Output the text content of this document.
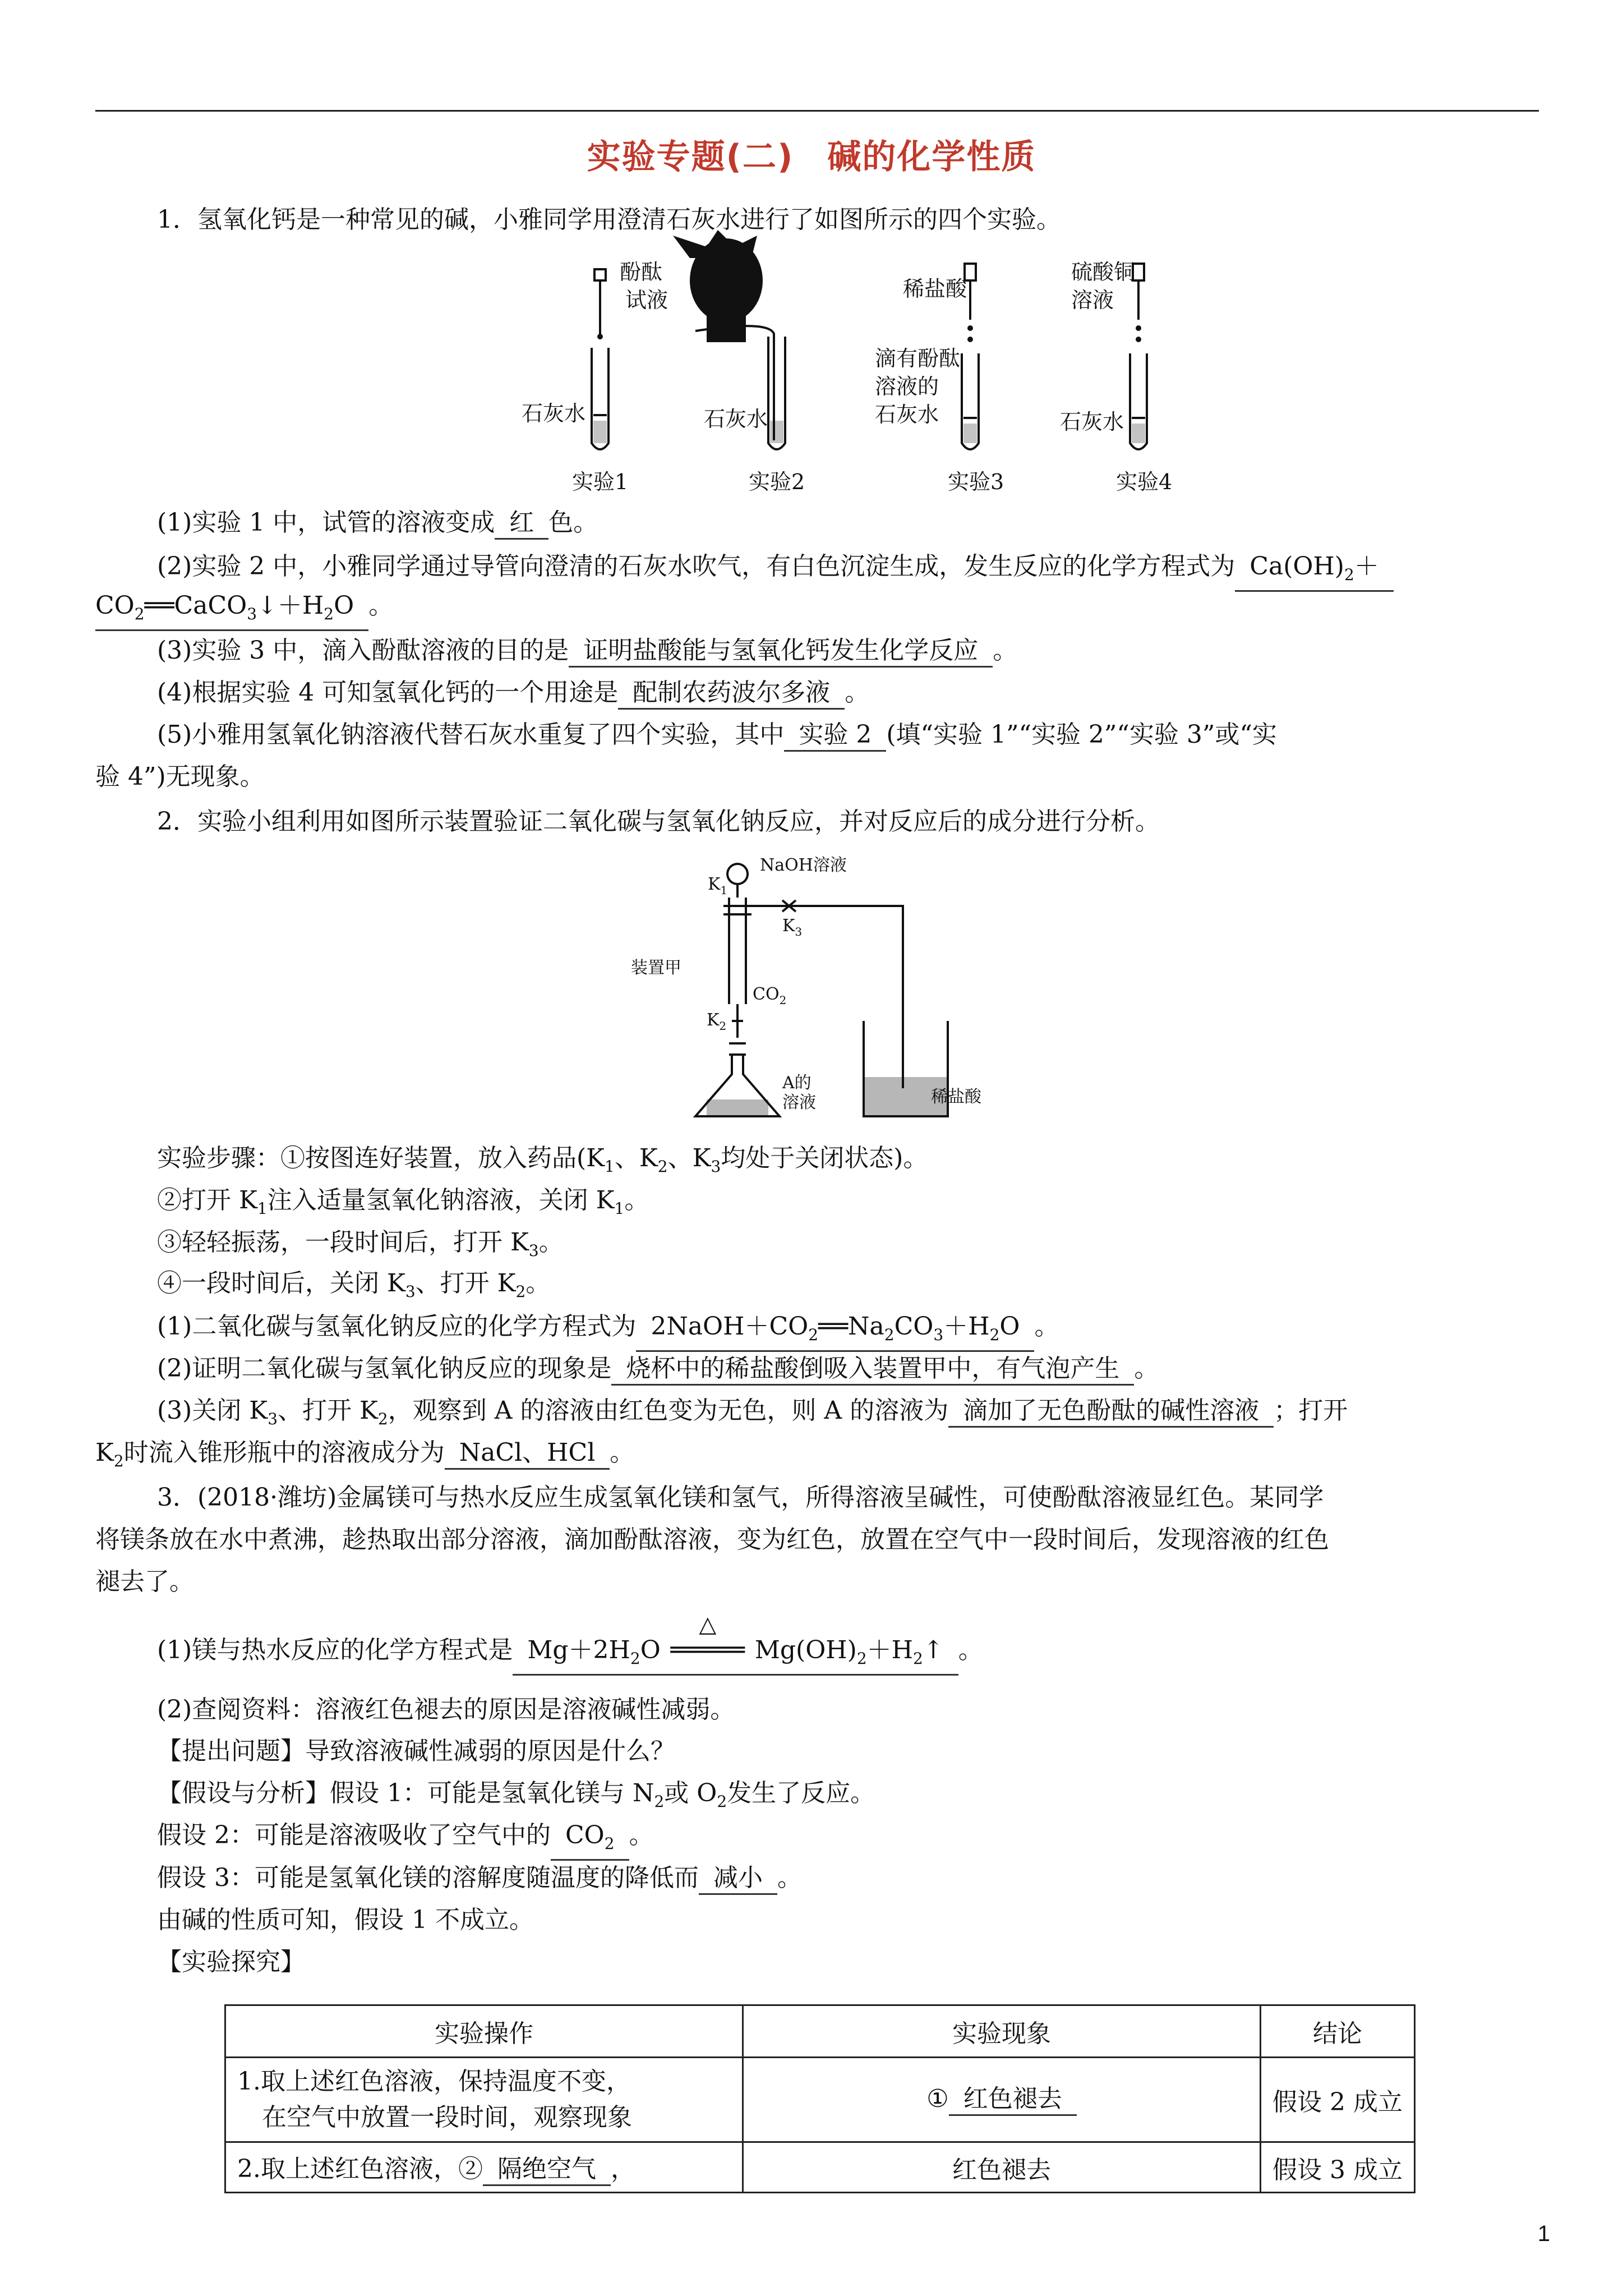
实验专题(二) 碱的化学性质
1．氢氧化钙是一种常见的碱，小雅同学用澄清石灰水进行了如图所示的四个实验。
酚酞
试液
石灰水
实验1
石灰水
实验2
稀盐酸
滴有酚酞
溶液的
石灰水
实验3
硫酸铜
溶液
石灰水
实验4
(1)实验 1 中，试管的溶液变成 红 色。
(2)实验 2 中，小雅同学通过导管向澄清的石灰水吹气，有白色沉淀生成，发生反应的化学方程式为 $Ca(OH)_2+$
$CO_2══CaCO_3↓+H_2O$ 。
(3)实验 3 中，滴入酚酞溶液的目的是 证明盐酸能与氢氧化钙发生化学反应 。
(4)根据实验 4 可知氢氧化钙的一个用途是 配制农药波尔多液 。
(5)小雅用氢氧化钠溶液代替石灰水重复了四个实验，其中 实验 2 (填“实验 1”“实验 2”“实验 3”或“实
验 4”)无现象。
2．实验小组利用如图所示装置验证二氧化碳与氢氧化钠反应，并对反应后的成分进行分析。
NaOH溶液
$K_1$
$K_3$
装置甲
$CO_2$
$K_2$
A的
溶液	稀盐酸
实验步骤：①按图连好装置，放入药品($K_1$、$K_2$、$K_3$均处于关闭状态)。
②打开 $K_1$注入适量氢氧化钠溶液，关闭 $K_1$。
③轻轻振荡，一段时间后，打开 $K_3$。
④一段时间后，关闭 $K_3$、打开 $K_2$。
(1)二氧化碳与氢氧化钠反应的化学方程式为 $2NaOH+CO_2══Na_2CO_3+H_2O$ 。
(2)证明二氧化碳与氢氧化钠反应的现象是 烧杯中的稀盐酸倒吸入装置甲中，有气泡产生 。
(3)关闭 $K_3$、打开 $K_2$，观察到 A 的溶液由红色变为无色，则 A 的溶液为 滴加了无色酚酞的碱性溶液 ；打开
$K_2$时流入锥形瓶中的溶液成分为 NaCl、HCl 。
3．(2018·潍坊)金属镁可与热水反应生成氢氧化镁和氢气，所得溶液呈碱性，可使酚酞溶液显红色。某同学
将镁条放在水中煮沸，趁热取出部分溶液，滴加酚酞溶液，变为红色，放置在空气中一段时间后，发现溶液的红色
褪去了。
(1)镁与热水反应的化学方程式是 $Mg+2H_2O$
△
═════ $Mg(OH)_2+H_2↑$ 。
(2)查阅资料：溶液红色褪去的原因是溶液碱性减弱。
【提出问题】导致溶液碱性减弱的原因是什么？
【假设与分析】假设 1：可能是氢氧化镁与 $N_2$或 $O_2$发生了反应。
假设 2：可能是溶液吸收了空气中的 $CO_2$ 。
假设 3：可能是氢氧化镁的溶解度随温度的降低而 减小 。
由碱的性质可知，假设 1 不成立。
【实验探究】
实验操作	实验现象	结论

1.取上述红色溶液，保持温度不变，
在空气中放置一段时间，观察现象	① 红色褪去	假设 2 成立
2.取上述红色溶液，② 隔绝空气 ，	红色褪去	假设 3 成立
1
